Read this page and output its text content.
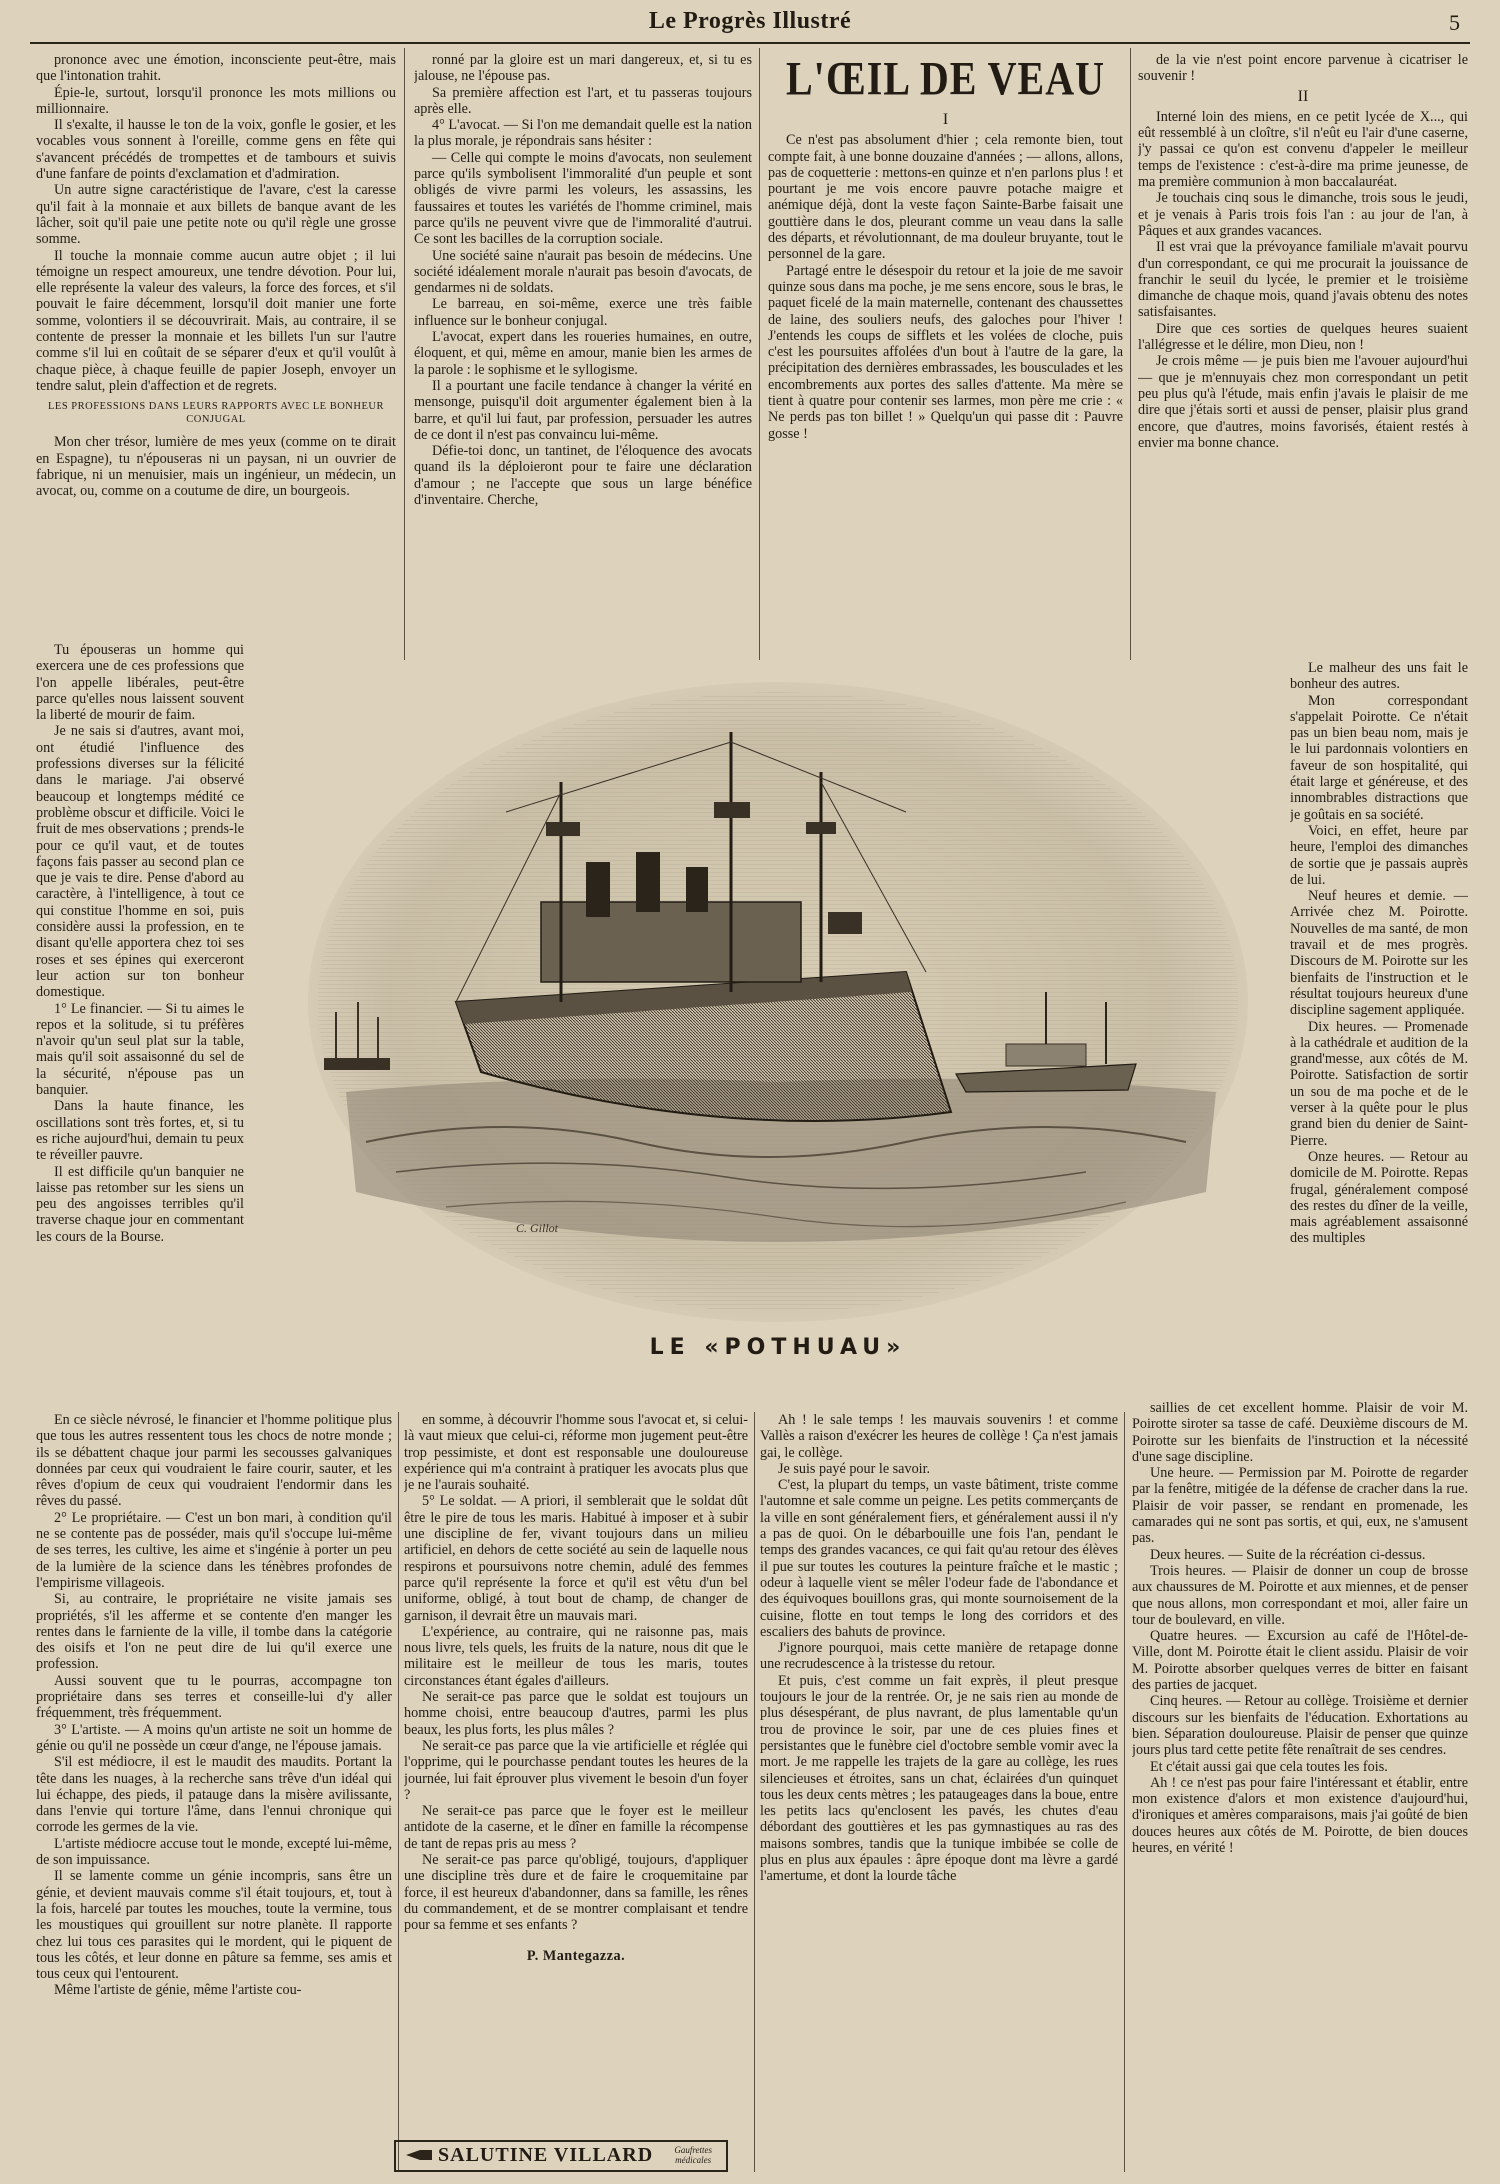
Le Progrès Illustré	5

prononce avec une émotion, inconsciente peut-être, mais que l'intonation trahit.

Épie-le, surtout, lorsqu'il prononce les mots millions ou millionnaire.

Il s'exalte, il hausse le ton de la voix, gonfle le gosier, et les vocables vous sonnent à l'oreille, comme gens en fête qui s'avancent précédés de trompettes et de tambours et suivis d'une fanfare de points d'exclamation et d'admiration.

Un autre signe caractéristique de l'avare, c'est la caresse qu'il fait à la monnaie et aux billets de banque avant de les lâcher, soit qu'il paie une petite note ou qu'il règle une grosse somme.

Il touche la monnaie comme aucun autre objet ; il lui témoigne un respect amoureux, une tendre dévotion. Pour lui, elle représente la valeur des valeurs, la force des forces, et s'il pouvait le faire décemment, lorsqu'il doit manier une forte somme, volontiers il se découvrirait. Mais, au contraire, il se contente de presser la monnaie et les billets l'un sur l'autre comme s'il lui en coûtait de se séparer d'eux et qu'il voulût à chaque pièce, à chaque feuille de papier Joseph, envoyer un tendre salut, plein d'affection et de regrets.

LES PROFESSIONS DANS LEURS RAPPORTS AVEC LE BONHEUR CONJUGAL

Mon cher trésor, lumière de mes yeux (comme on te dirait en Espagne), tu n'épouseras ni un paysan, ni un ouvrier de fabrique, ni un menuisier, mais un ingénieur, un médecin, un avocat, ou, comme on a coutume de dire, un bourgeois.

Tu épouseras un homme qui exercera une de ces professions que l'on appelle libérales, peut-être parce qu'elles nous laissent souvent la liberté de mourir de faim.

Je ne sais si d'autres, avant moi, ont étudié l'influence des professions diverses sur la félicité dans le mariage. J'ai observé beaucoup et longtemps médité ce problème obscur et difficile. Voici le fruit de mes observations ; prends-le pour ce qu'il vaut, et de toutes façons fais passer au second plan ce que je vais te dire. Pense d'abord au caractère, à l'intelligence, à tout ce qui constitue l'homme en soi, puis considère aussi la profession, en te disant qu'elle apportera chez toi ses roses et ses épines qui exerceront leur action sur ton bonheur domestique.

1° Le financier. — Si tu aimes le repos et la solitude, si tu préfères n'avoir qu'un seul plat sur la table, mais qu'il soit assaisonné du sel de la sécurité, n'épouse pas un banquier.

Dans la haute finance, les oscillations sont très fortes, et, si tu es riche aujourd'hui, demain tu peux te réveiller pauvre.

Il est difficile qu'un banquier ne laisse pas retomber sur les siens un peu des angoisses terribles qu'il traverse chaque jour en commentant les cours de la Bourse.

En ce siècle névrosé, le financier et l'homme politique plus que tous les autres ressentent tous les chocs de notre monde ; ils se débattent chaque jour parmi les secousses galvaniques données par ceux qui voudraient le faire courir, sauter, et les rêves d'opium de ceux qui voudraient l'endormir dans les rêves du passé.

2° Le propriétaire. — C'est un bon mari, à condition qu'il ne se contente pas de posséder, mais qu'il s'occupe lui-même de ses terres, les cultive, les aime et s'ingénie à porter un peu de la lumière de la science dans les ténèbres profondes de l'empirisme villageois.

Si, au contraire, le propriétaire ne visite jamais ses propriétés, s'il les afferme et se contente d'en manger les rentes dans le farniente de la ville, il tombe dans la catégorie des oisifs et l'on ne peut dire de lui qu'il exerce une profession.

Aussi souvent que tu le pourras, accompagne ton propriétaire dans ses terres et conseille-lui d'y aller fréquemment, très fréquemment.

3° L'artiste. — A moins qu'un artiste ne soit un homme de génie ou qu'il ne possède un cœur d'ange, ne l'épouse jamais.

S'il est médiocre, il est le maudit des maudits. Portant la tête dans les nuages, à la recherche sans trêve d'un idéal qui lui échappe, des pieds, il patauge dans la misère avilissante, dans l'envie qui torture l'âme, dans l'ennui chronique qui corrode les germes de la vie.

L'artiste médiocre accuse tout le monde, excepté lui-même, de son impuissance.

Il se lamente comme un génie incompris, sans être un génie, et devient mauvais comme s'il était toujours, et, tout à la fois, harcelé par toutes les mouches, toute la vermine, tous les moustiques qui grouillent sur notre planète. Il rapporte chez lui tous ces parasites qui le mordent, qui le piquent de tous les côtés, et leur donne en pâture sa femme, ses amis et tous ceux qui l'entourent.

Même l'artiste de génie, même l'artiste cou-

ronné par la gloire est un mari dangereux, et, si tu es jalouse, ne l'épouse pas.

Sa première affection est l'art, et tu passeras toujours après elle.

4° L'avocat. — Si l'on me demandait quelle est la nation la plus morale, je répondrais sans hésiter :

— Celle qui compte le moins d'avocats, non seulement parce qu'ils symbolisent l'immoralité d'un peuple et sont obligés de vivre parmi les voleurs, les assassins, les faussaires et toutes les variétés de l'homme criminel, mais parce qu'ils ne peuvent vivre que de l'immoralité d'autrui. Ce sont les bacilles de la corruption sociale.

Une société saine n'aurait pas besoin de médecins. Une société idéalement morale n'aurait pas besoin d'avocats, de gendarmes ni de soldats.

Le barreau, en soi-même, exerce une très faible influence sur le bonheur conjugal.

L'avocat, expert dans les roueries humaines, en outre, éloquent, et qui, même en amour, manie bien les armes de la parole : le sophisme et le syllogisme.

Il a pourtant une facile tendance à changer la vérité en mensonge, puisqu'il doit argumenter également bien à la barre, et qu'il lui faut, par profession, persuader les autres de ce dont il n'est pas convaincu lui-même.

Défie-toi donc, un tantinet, de l'éloquence des avocats quand ils la déploieront pour te faire une déclaration d'amour ; ne l'accepte que sous un large bénéfice d'inventaire. Cherche,

en somme, à découvrir l'homme sous l'avocat et, si celui-là vaut mieux que celui-ci, réforme mon jugement peut-être trop pessimiste, et dont est responsable une douloureuse expérience qui m'a contraint à pratiquer les avocats plus que je ne l'aurais souhaité.

5° Le soldat. — A priori, il semblerait que le soldat dût être le pire de tous les maris. Habitué à imposer et à subir une discipline de fer, vivant toujours dans un milieu artificiel, en dehors de cette société au sein de laquelle nous respirons et poursuivons notre chemin, adulé des femmes parce qu'il représente la force et qu'il est vêtu d'un bel uniforme, obligé, à tout bout de champ, de changer de garnison, il devrait être un mauvais mari.

L'expérience, au contraire, qui ne raisonne pas, mais nous livre, tels quels, les fruits de la nature, nous dit que le militaire est le meilleur de tous les maris, toutes circonstances étant égales d'ailleurs.

Ne serait-ce pas parce que le soldat est toujours un homme choisi, entre beaucoup d'autres, parmi les plus beaux, les plus forts, les plus mâles ?

Ne serait-ce pas parce que la vie artificielle et réglée qui l'opprime, qui le pourchasse pendant toutes les heures de la journée, lui fait éprouver plus vivement le besoin d'un foyer ?

Ne serait-ce pas parce que le foyer est le meilleur antidote de la caserne, et le dîner en famille la récompense de tant de repas pris au mess ?

Ne serait-ce pas parce qu'obligé, toujours, d'appliquer une discipline très dure et de faire le croquemitaine par force, il est heureux d'abandonner, dans sa famille, les rênes du commandement, et de se montrer complaisant et tendre pour sa femme et ses enfants ?

P. Mantegazza.
L'ŒIL DE VEAU
I

Ce n'est pas absolument d'hier ; cela remonte bien, tout compte fait, à une bonne douzaine d'années ; — allons, allons, pas de coquetterie : mettons-en quinze et n'en parlons plus ! et pourtant je me vois encore pauvre potache maigre et anémique déjà, dont la veste façon Sainte-Barbe faisait une gouttière dans le dos, pleurant comme un veau dans la salle des départs, et révolutionnant, de ma douleur bruyante, tout le personnel de la gare.

Partagé entre le désespoir du retour et la joie de me savoir quinze sous dans ma poche, je me sens encore, sous le bras, le paquet ficelé de la main maternelle, contenant des chaussettes de laine, des souliers neufs, des galoches pour l'hiver ! J'entends les coups de sifflets et les volées de cloche, puis c'est les poursuites affolées d'un bout à l'autre de la gare, la précipitation des dernières embrassades, les bousculades et les encombrements aux portes des salles d'attente. Ma mère se tient à quatre pour contenir ses larmes, mon père me crie : « Ne perds pas ton billet ! » Quelqu'un qui passe dit : Pauvre gosse !

Ah ! le sale temps ! les mauvais souvenirs ! et comme Vallès a raison d'exécrer les heures de collège ! Ça n'est jamais gai, le collège.

Je suis payé pour le savoir.

C'est, la plupart du temps, un vaste bâtiment, triste comme l'automne et sale comme un peigne. Les petits commerçants de la ville en sont généralement fiers, et généralement aussi il n'y a pas de quoi. On le débarbouille une fois l'an, pendant le temps des grandes vacances, ce qui fait qu'au retour des élèves il pue sur toutes les coutures la peinture fraîche et le mastic ; odeur à laquelle vient se mêler l'odeur fade de l'abondance et des équivoques bouillons gras, qui monte sournoisement de la cuisine, flotte en tout temps le long des corridors et des escaliers des bahuts de province.

J'ignore pourquoi, mais cette manière de retapage donne une recrudescence à la tristesse du retour.

Et puis, c'est comme un fait exprès, il pleut presque toujours le jour de la rentrée. Or, je ne sais rien au monde de plus désespérant, de plus navrant, de plus lamentable qu'un trou de province le soir, par une de ces pluies fines et persistantes que le funèbre ciel d'octobre semble vomir avec la mort. Je me rappelle les trajets de la gare au collège, les rues silencieuses et étroites, sans un chat, éclairées d'un quinquet tous les deux cents mètres ; les pataugeages dans la boue, entre les petits lacs qu'enclosent les pavés, les chutes d'eau débordant des gouttières et les pas gymnastiques au ras des maisons sombres, tandis que la tunique imbibée se colle de plus en plus aux épaules : âpre époque dont ma lèvre a gardé l'amertume, et dont la lourde tâche

de la vie n'est point encore parvenue à cicatriser le souvenir !

II

Interné loin des miens, en ce petit lycée de X..., qui eût ressemblé à un cloître, s'il n'eût eu l'air d'une caserne, j'y passai ce qu'on est convenu d'appeler le meilleur temps de l'existence : c'est-à-dire ma prime jeunesse, de ma première communion à mon baccalauréat.

Je touchais cinq sous le dimanche, trois sous le jeudi, et je venais à Paris trois fois l'an : au jour de l'an, à Pâques et aux grandes vacances.

Il est vrai que la prévoyance familiale m'avait pourvu d'un correspondant, ce qui me procurait la jouissance de franchir le seuil du lycée, le premier et le troisième dimanche de chaque mois, quand j'avais obtenu des notes satisfaisantes.

Dire que ces sorties de quelques heures suaient l'allégresse et le délire, mon Dieu, non !

Je crois même — je puis bien me l'avouer aujourd'hui — que je m'ennuyais chez mon correspondant un petit peu plus qu'à l'étude, mais enfin j'avais le plaisir de me dire que j'étais sorti et aussi de penser, plaisir plus grand encore, que d'autres, moins favorisés, étaient restés à envier ma bonne chance.

Le malheur des uns fait le bonheur des autres.

Mon correspondant s'appelait Poirotte. Ce n'était pas un bien beau nom, mais je le lui pardonnais volontiers en faveur de son hospitalité, qui était large et généreuse, et des innombrables distractions que je goûtais en sa société.

Voici, en effet, heure par heure, l'emploi des dimanches de sortie que je passais auprès de lui.

Neuf heures et demie. — Arrivée chez M. Poirotte. Nouvelles de ma santé, de mon travail et de mes progrès. Discours de M. Poirotte sur les bienfaits de l'instruction et le résultat toujours heureux d'une discipline sagement appliquée.

Dix heures. — Promenade à la cathédrale et audition de la grand'messe, aux côtés de M. Poirotte. Satisfaction de sortir un sou de ma poche et de le verser à la quête pour le plus grand bien du denier de Saint-Pierre.

Onze heures. — Retour au domicile de M. Poirotte. Repas frugal, généralement composé des restes du dîner de la veille, mais agréablement assaisonné des multiples

saillies de cet excellent homme. Plaisir de voir M. Poirotte siroter sa tasse de café. Deuxième discours de M. Poirotte sur les bienfaits de l'instruction et la nécessité d'une sage discipline.

Une heure. — Permission par M. Poirotte de regarder par la fenêtre, mitigée de la défense de cracher dans la rue. Plaisir de voir passer, se rendant en promenade, les camarades qui ne sont pas sortis, et qui, eux, ne s'amusent pas.

Deux heures. — Suite de la récréation ci-dessus.

Trois heures. — Plaisir de donner un coup de brosse aux chaussures de M. Poirotte et aux miennes, et de penser que nous allons, mon correspondant et moi, aller faire un tour de boulevard, en ville.

Quatre heures. — Excursion au café de l'Hôtel-de-Ville, dont M. Poirotte était le client assidu. Plaisir de voir M. Poirotte absorber quelques verres de bitter en faisant des parties de jacquet.

Cinq heures. — Retour au collège. Troisième et dernier discours sur les bienfaits de l'éducation. Exhortations au bien. Séparation douloureuse. Plaisir de penser que quinze jours plus tard cette petite fête renaîtrait de ses cendres.

Et c'était aussi gai que cela toutes les fois.

Ah ! ce n'est pas pour faire l'intéressant et établir, entre mon existence d'alors et mon existence d'aujourd'hui, d'ironiques et amères comparaisons, mais j'ai goûté de bien douces heures aux côtés de M. Poirotte, de bien douces heures, en vérité !

C. Gillot
LE «POTHUAU»
SALUTINE VILLARD Gaufrettes
médicales
